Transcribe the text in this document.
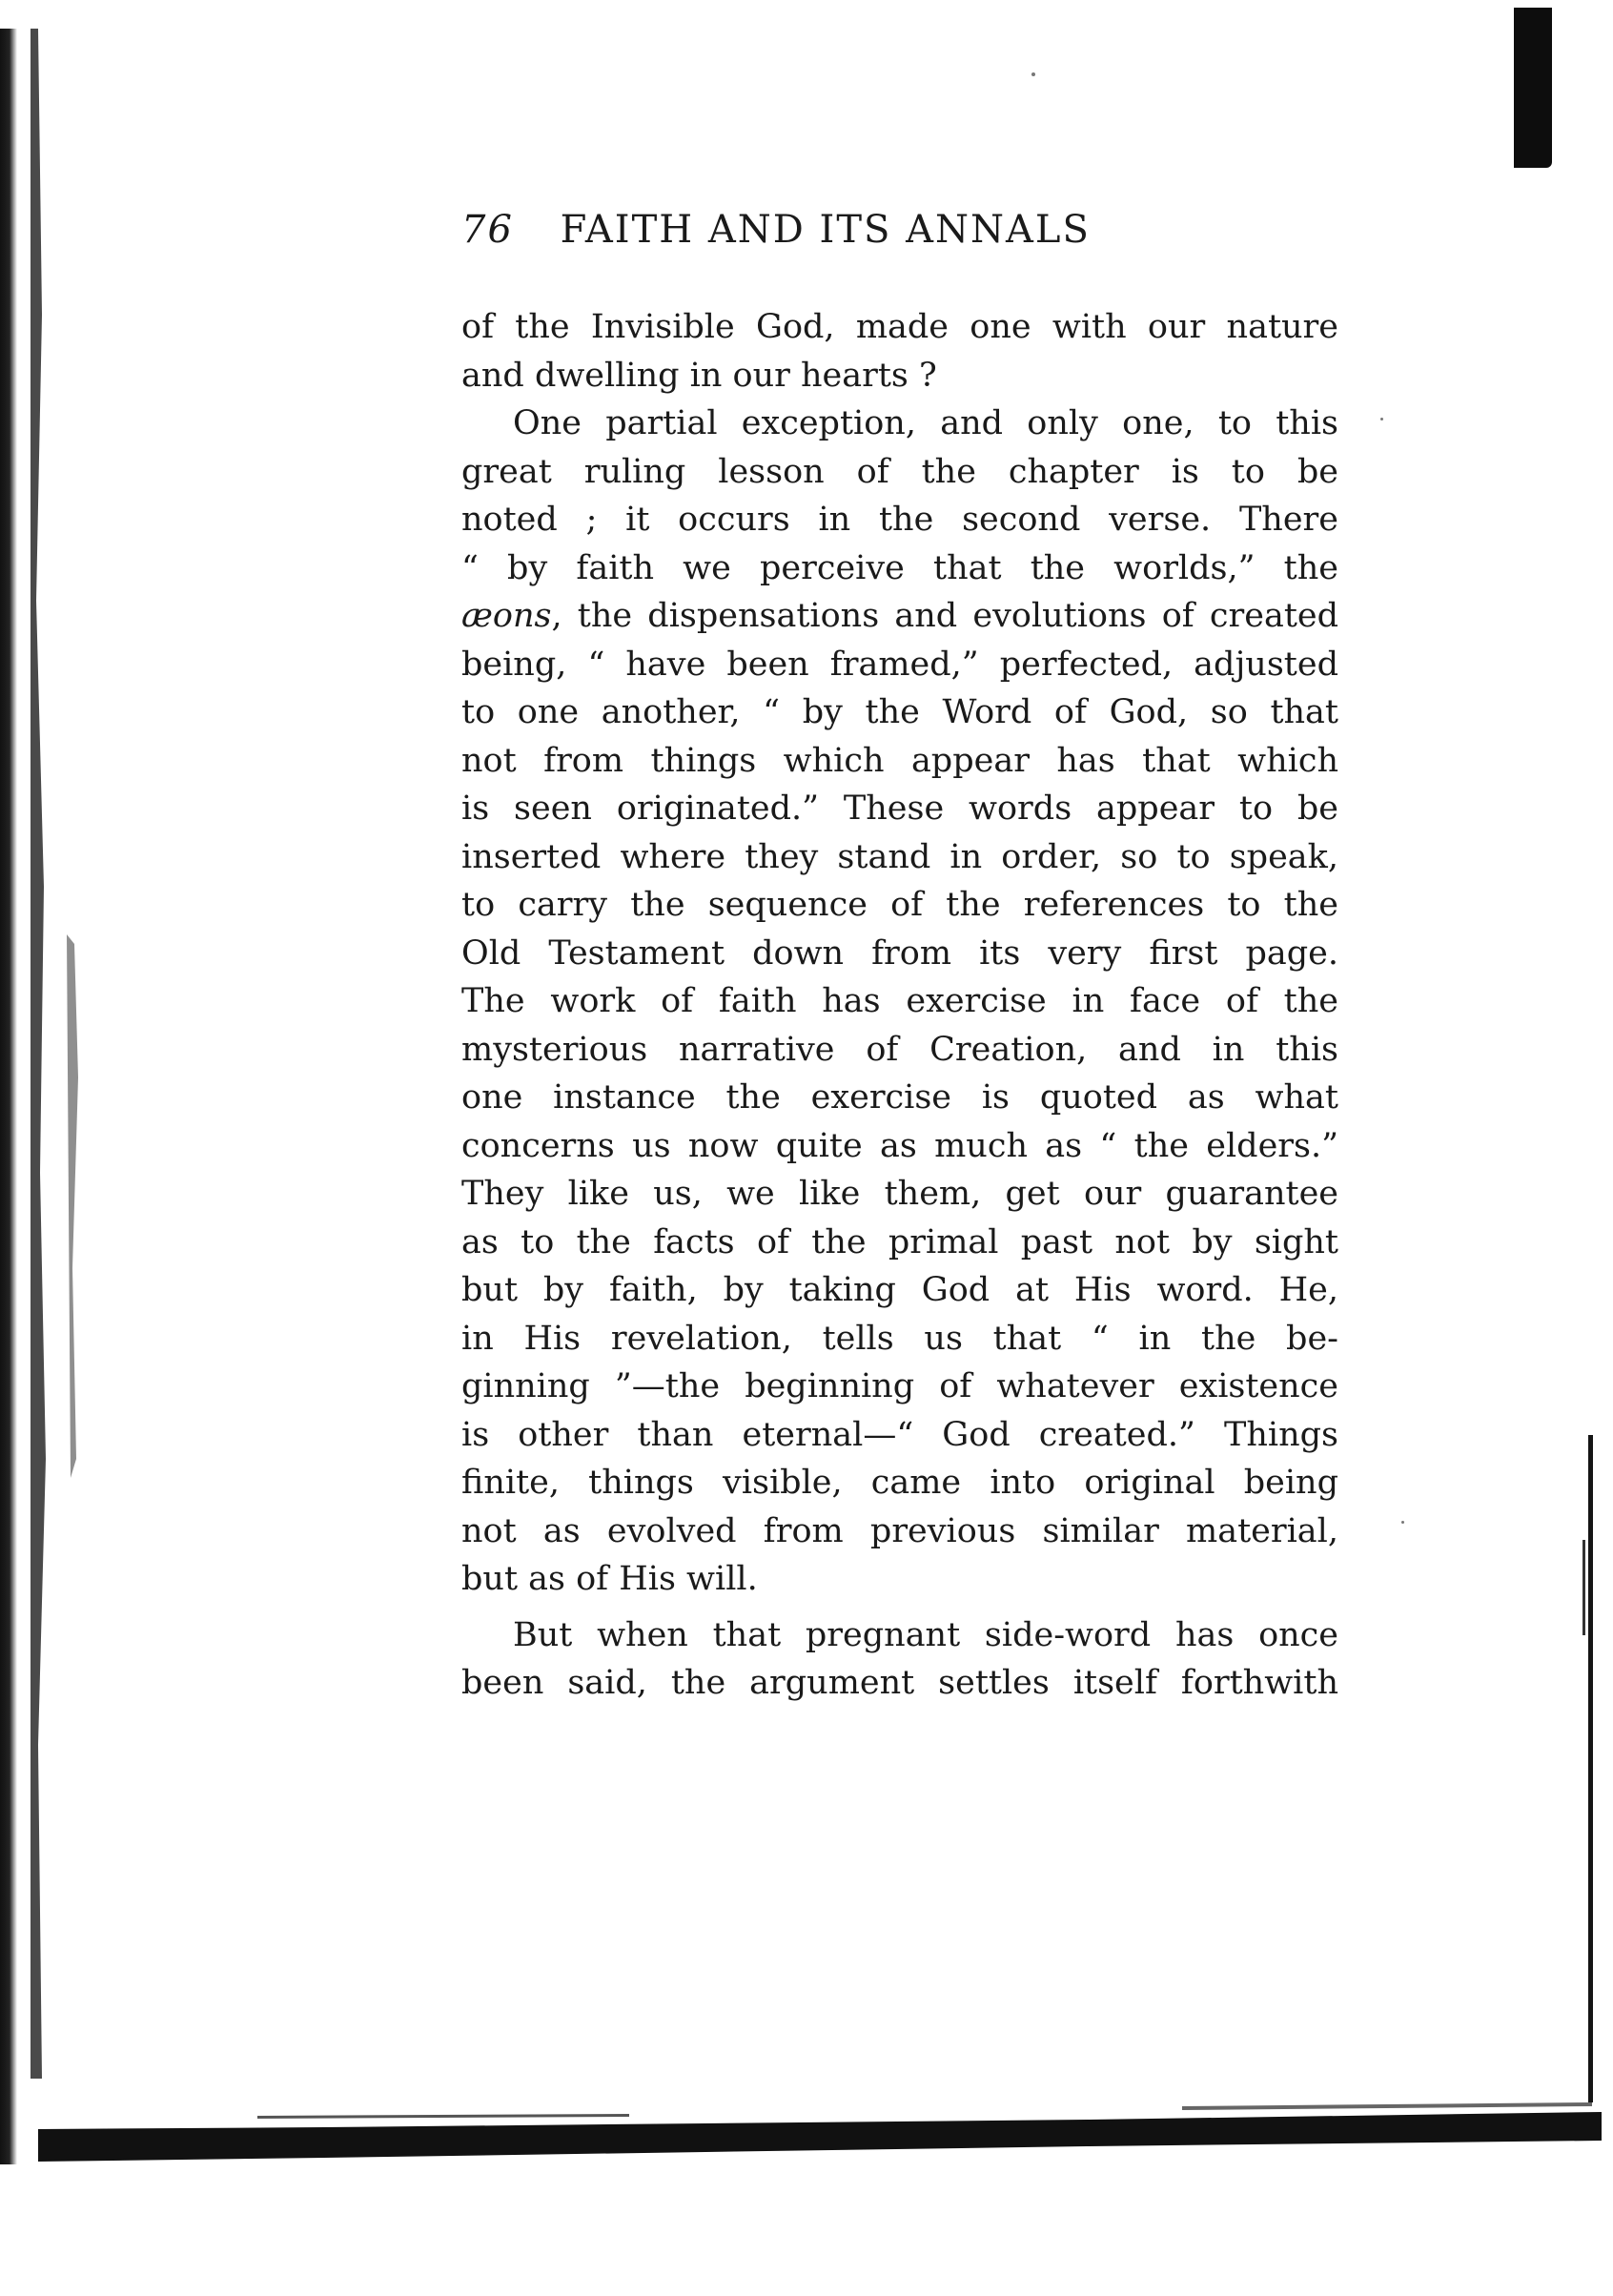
76 FAITH AND ITS ANNALS

of the Invisible God, made one with our nature
and dwelling in our hearts ?

One partial exception, and only one, to this
great ruling lesson of the chapter is to be
noted ; it occurs in the second verse. There
“ by faith we perceive that the worlds,” the
æons, the dispensations and evolutions of created
being, “ have been framed,” perfected, adjusted
to one another, “ by the Word of God, so that
not from things which appear has that which
is seen originated.” These words appear to be
inserted where they stand in order, so to speak,
to carry the sequence of the references to the
Old Testament down from its very first page.
The work of faith has exercise in face of the
mysterious narrative of Creation, and in this
one instance the exercise is quoted as what
concerns us now quite as much as “ the elders.”
They like us, we like them, get our guarantee
as to the facts of the primal past not by sight
but by faith, by taking God at His word. He,
in His revelation, tells us that “ in the be-
ginning ”—the beginning of whatever existence
is other than eternal—“ God created.” Things
finite, things visible, came into original being
not as evolved from previous similar material,
but as of His will.

But when that pregnant side-word has once
been said, the argument settles itself forthwith
